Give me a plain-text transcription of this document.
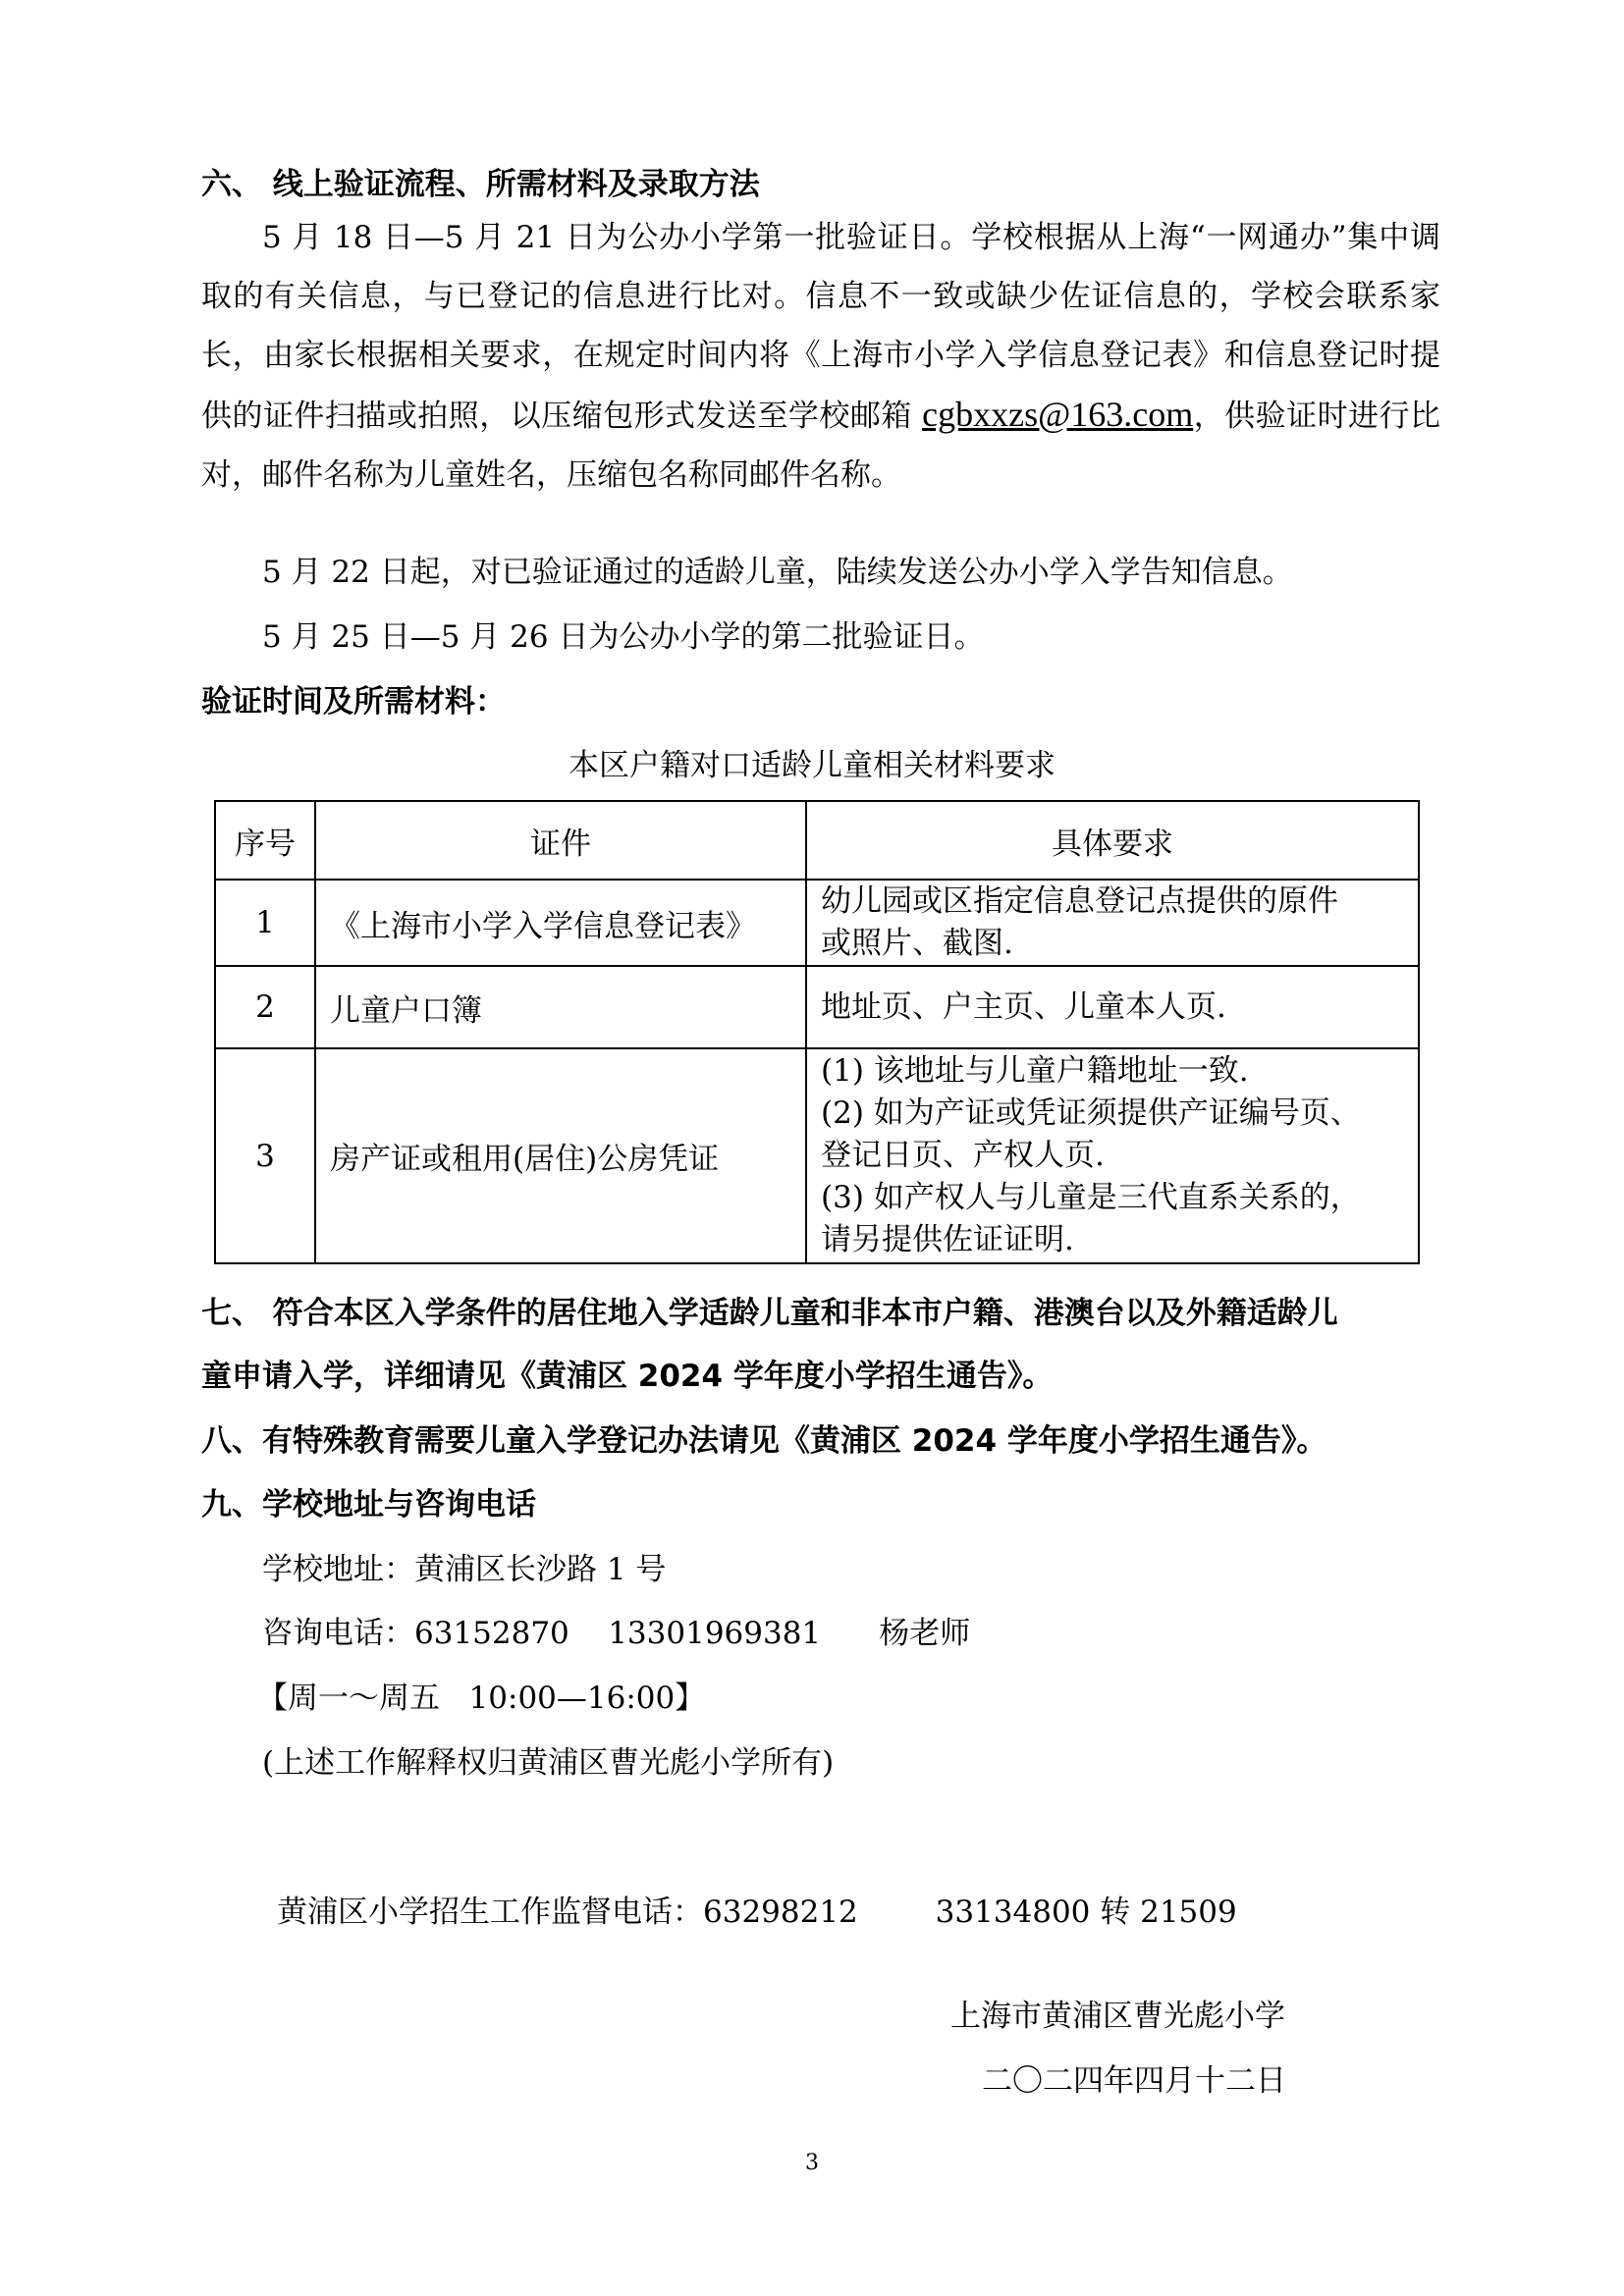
六、 线上验证流程、所需材料及录取方法
5 月 18 日—5 月 21 日为公办小学第一批验证日。学校根据从上海“一网通办”集中调取的有关信息，与已登记的信息进行比对。信息不一致或缺少佐证信息的，学校会联系家长，由家长根据相关要求，在规定时间内将《上海市小学入学信息登记表》和信息登记时提供的证件扫描或拍照，以压缩包形式发送至学校邮箱 cgbxxzs@163.com，供验证时进行比对，邮件名称为儿童姓名，压缩包名称同邮件名称。
5 月 22 日起，对已验证通过的适龄儿童，陆续发送公办小学入学告知信息。
5 月 25 日—5 月 26 日为公办小学的第二批验证日。
验证时间及所需材料：
本区户籍对口适龄儿童相关材料要求
序号	证件	具体要求
1	《上海市小学入学信息登记表》	幼儿园或区指定信息登记点提供的原件
或照片、截图.

2	儿童户口簿	地址页、户主页、儿童本人页.

3	房产证或租用(居住)公房凭证	(1) 该地址与儿童户籍地址一致.
(2) 如为产证或凭证须提供产证编号页、
登记日页、产权人页.
(3) 如产权人与儿童是三代直系关系的，
请另提供佐证证明.
七、 符合本区入学条件的居住地入学适龄儿童和非本市户籍、港澳台以及外籍适龄儿
童申请入学，详细请见《黄浦区 2024 学年度小学招生通告》。
八、有特殊教育需要儿童入学登记办法请见《黄浦区 2024 学年度小学招生通告》。
九、学校地址与咨询电话
学校地址：黄浦区长沙路 1 号
咨询电话：63152870    13301969381      杨老师
【周一～周五   10:00—16:00】
(上述工作解释权归黄浦区曹光彪小学所有)
黄浦区小学招生工作监督电话：63298212        33134800 转 21509
上海市黄浦区曹光彪小学
二〇二四年四月十二日
3
